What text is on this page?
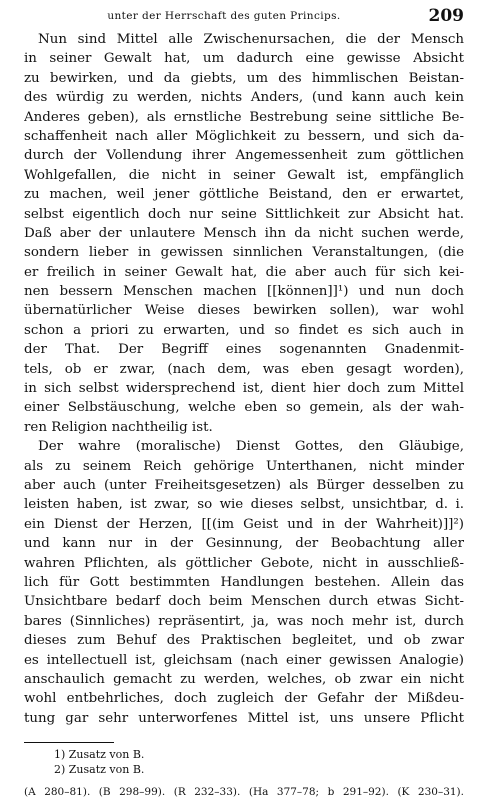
unter der Herrschaft des guten Princips.	209
Nun sind Mittel alle Zwischenursachen, die der Mensch
in seiner Gewalt hat, um dadurch eine gewisse Absicht
zu bewirken, und da giebts, um des himmlischen Beistan-
des würdig zu werden, nichts Anders, (und kann auch kein
Anderes geben), als ernstliche Bestrebung seine sittliche Be-
schaffenheit nach aller Möglichkeit zu bessern, und sich da-
durch der Vollendung ihrer Angemessenheit zum göttlichen
Wohlgefallen, die nicht in seiner Gewalt ist, empfänglich
zu machen, weil jener göttliche Beistand, den er erwartet,
selbst eigentlich doch nur seine Sittlichkeit zur Absicht hat.
Daß aber der unlautere Mensch ihn da nicht suchen werde,
sondern lieber in gewissen sinnlichen Veranstaltungen, (die
er freilich in seiner Gewalt hat, die aber auch für sich kei-
nen bessern Menschen machen [[können]]¹) und nun doch
übernatürlicher Weise dieses bewirken sollen), war wohl
schon a priori zu erwarten, und so findet es sich auch in
der That. Der Begriff eines sogenannten Gnadenmit-
tels, ob er zwar, (nach dem, was eben gesagt worden),
in sich selbst widersprechend ist, dient hier doch zum Mittel
einer Selbstäuschung, welche eben so gemein, als der wah-
ren Religion nachtheilig ist.
Der wahre (moralische) Dienst Gottes, den Gläubige,
als zu seinem Reich gehörige Unterthanen, nicht minder
aber auch (unter Freiheitsgesetzen) als Bürger desselben zu
leisten haben, ist zwar, so wie dieses selbst, unsichtbar, d. i.
ein Dienst der Herzen, [[(im Geist und in der Wahrheit)]]²)
und kann nur in der Gesinnung, der Beobachtung aller
wahren Pflichten, als göttlicher Gebote, nicht in ausschließ-
lich für Gott bestimmten Handlungen bestehen. Allein das
Unsichtbare bedarf doch beim Menschen durch etwas Sicht-
bares (Sinnliches) repräsentirt, ja, was noch mehr ist, durch
dieses zum Behuf des Praktischen begleitet, und ob zwar
es intellectuell ist, gleichsam (nach einer gewissen Analogie)
anschaulich gemacht zu werden, welches, ob zwar ein nicht
wohl entbehrliches, doch zugleich der Gefahr der Mißdeu-
tung gar sehr unterworfenes Mittel ist, uns unsere Pflicht
1) Zusatz von B.
2) Zusatz von B.
(A 280–81). (B 298–99). (R 232–33). (Ha 377–78; b 291–92). (K 230–31).
